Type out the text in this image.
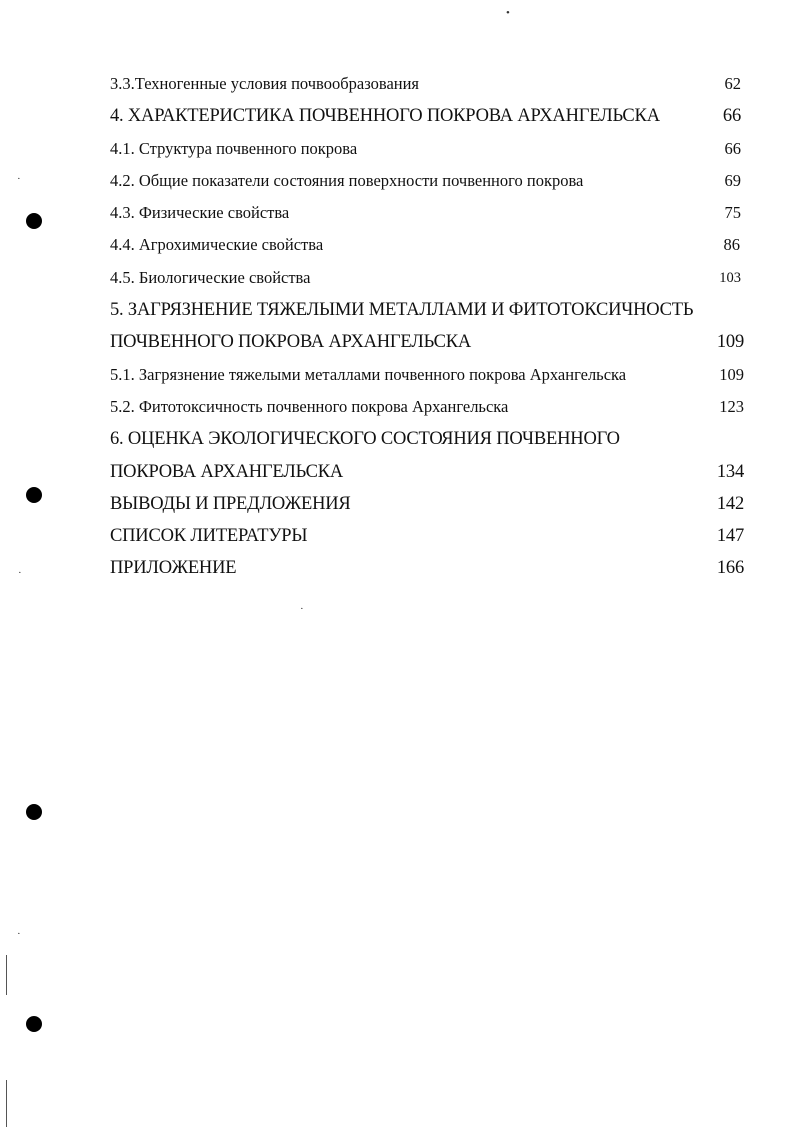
•
·
·
·
·
3.3.Техногенные условия почвообразования	62
4. ХАРАКТЕРИСТИКА ПОЧВЕННОГО ПОКРОВА АРХАНГЕЛЬСКА	66
4.1. Структура почвенного покрова	66
4.2. Общие показатели состояния поверхности почвенного покрова	69
4.3. Физические свойства	75
4.4. Агрохимические свойства	86
4.5. Биологические свойства	103
5. ЗАГРЯЗНЕНИЕ ТЯЖЕЛЫМИ МЕТАЛЛАМИ И ФИТОТОКСИЧНОСТЬ
ПОЧВЕННОГО ПОКРОВА АРХАНГЕЛЬСКА	109
5.1. Загрязнение тяжелыми металлами почвенного покрова Архангельска	109
5.2. Фитотоксичность почвенного покрова Архангельска	123
6. ОЦЕНКА ЭКОЛОГИЧЕСКОГО СОСТОЯНИЯ ПОЧВЕННОГО
ПОКРОВА АРХАНГЕЛЬСКА	134
ВЫВОДЫ И ПРЕДЛОЖЕНИЯ	142
СПИСОК ЛИТЕРАТУРЫ	147
ПРИЛОЖЕНИЕ	166
